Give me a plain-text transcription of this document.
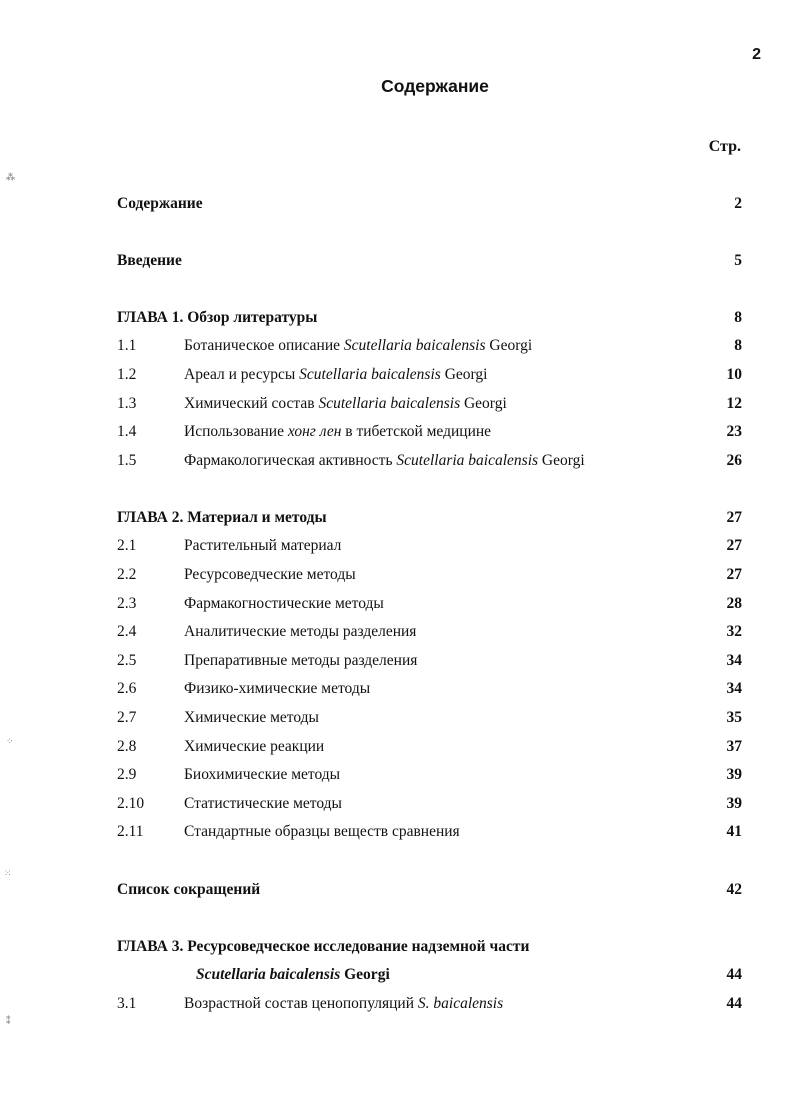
2
Содержание
Стр.
Содержание	2
Введение	5
ГЛАВА 1. Обзор литературы	8
1.1	Ботаническое описание Scutellaria baicalensis Georgi	8
1.2	Ареал и ресурсы Scutellaria baicalensis Georgi	10
1.3	Химический состав Scutellaria baicalensis Georgi	12
1.4	Использование хонг лен в тибетской медицине	23
1.5	Фармакологическая активность Scutellaria baicalensis Georgi	26
ГЛАВА 2. Материал и методы	27
2.1	Растительный материал	27
2.2	Ресурсоведческие методы	27
2.3	Фармакогностические методы	28
2.4	Аналитические методы разделения	32
2.5	Препаративные методы разделения	34
2.6	Физико-химические методы	34
2.7	Химические методы	35
2.8	Химические реакции	37
2.9	Биохимические методы	39
2.10	Статистические методы	39
2.11	Стандартные образцы веществ сравнения	41
Список сокращений	42
ГЛАВА 3. Ресурсоведческое исследование надземной части
Scutellaria baicalensis Georgi	44
3.1	Возрастной состав ценопопуляций S. baicalensis	44
⁂
⁘
⁙
⁑
